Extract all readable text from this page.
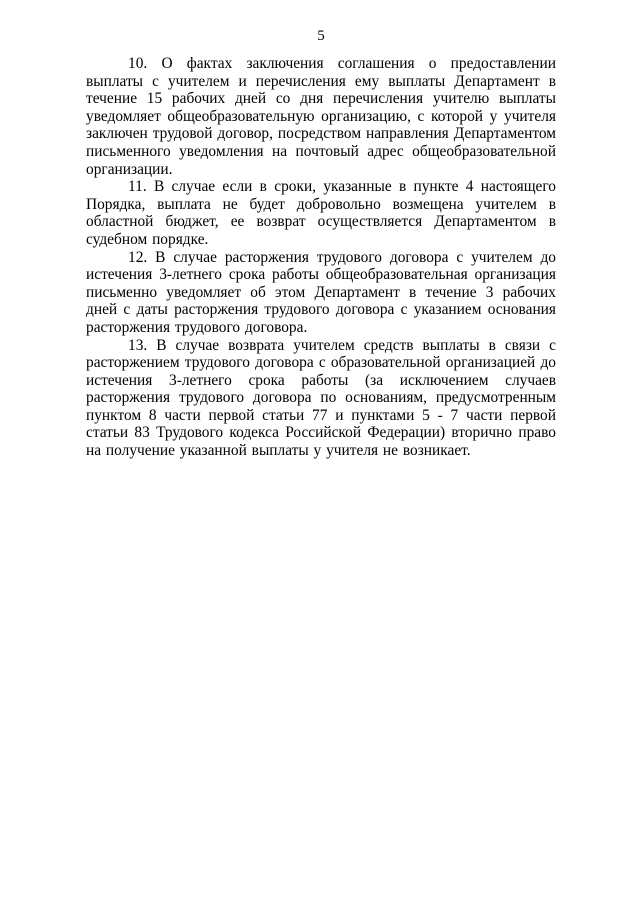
5

10. О фактах заключения соглашения о предоставлении выплаты с учителем и перечисления ему выплаты Департамент в течение 15 рабочих дней со дня перечисления учителю выплаты уведомляет общеобразовательную организацию, с которой у учителя заключен трудовой договор, посредством направления Департаментом письменного уведомления на почтовый адрес общеобразовательной организации.

11. В случае если в сроки, указанные в пункте 4 настоящего Порядка, выплата не будет добровольно возмещена учителем в областной бюджет, ее возврат осуществляется Департаментом в судебном порядке.

12. В случае расторжения трудового договора с учителем до истечения 3-летнего срока работы общеобразовательная организация письменно уведомляет об этом Департамент в течение 3 рабочих дней с даты расторжения трудового договора с указанием основания расторжения трудового договора.

13. В случае возврата учителем средств выплаты в связи с расторжением трудового договора с образовательной организацией до истечения 3-летнего срока работы (за исключением случаев расторжения трудового договора по основаниям, предусмотренным пунктом 8 части первой статьи 77 и пунктами 5 - 7 части первой статьи 83 Трудового кодекса Российской Федерации) вторично право на получение указанной выплаты у учителя не возникает.
